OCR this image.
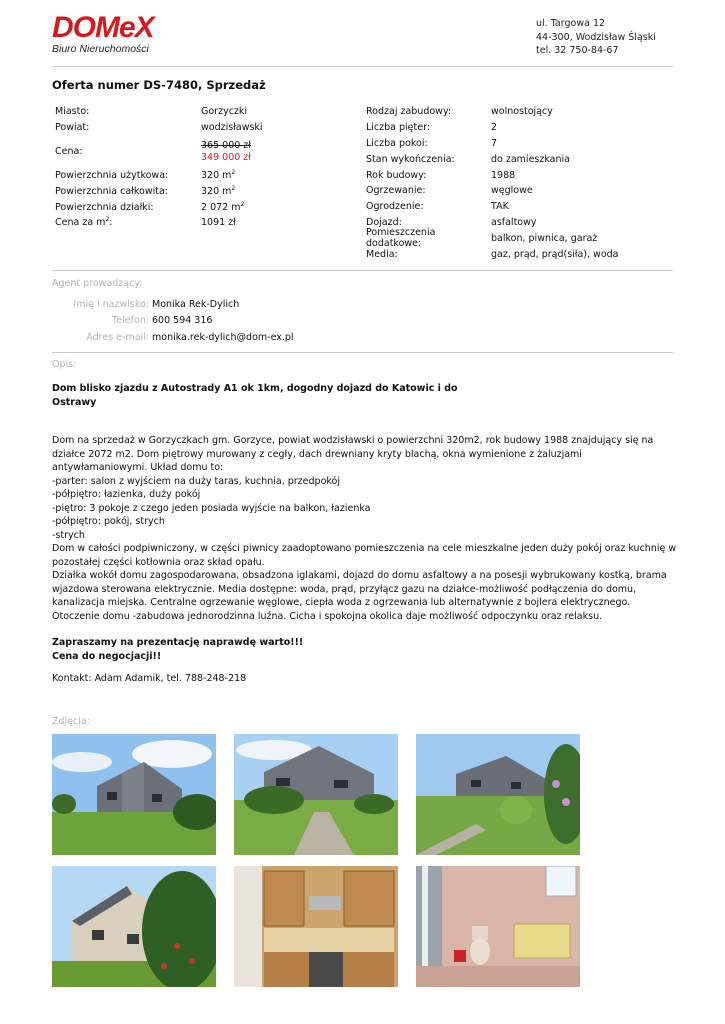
DOMeX
Biuro Nieruchomości
ul. Targowa 12
44-300, Wodzisław Śląski
tel. 32 750-84-67
Oferta numer DS-7480, Sprzedaż
Miasto:	Gorzyczki
Powiat:	wodzisławski
Cena:
365 000 zł
349 000 zł
Powierzchnia użytkowa:	320 $m^2$
Powierzchnia całkowita:	320 $m^2$
Powierzchnia działki:	2 072 $m^2$
Cena za $m^2$:	1091 zł
Rodzaj zabudowy:	wolnostojący
Liczba pięter:	2
Liczba pokoi:	7
Stan wykończenia:	do zamieszkania
Rok budowy:	1988
Ogrzewanie:	węglowe
Ogrodzenie:	TAK
Dojazd:	asfaltowy
Pomieszczenia dodatkowe:
balkon, piwnica, garaż
Media:	gaz, prąd, prąd(siła), woda
Agent prowadzący:
Imię i nazwisko: Monika Rek-Dylich
Telefon: 600 594 316
Adres e-mail: monika.rek-dylich@dom-ex.pl
Opis:
Dom blisko zjazdu z Autostrady A1 ok 1km, dogodny dojazd do Katowic i do Ostrawy

Dom na sprzedaż w Gorzyczkach gm. Gorzyce, powiat wodzisławski o powierzchni 320m2, rok budowy 1988 znajdujący się na działce 2072 m2. Dom piętrowy murowany z cegły, dach drewniany kryty blachą, okna wymienione z żaluzjami antywłamaniowymi. Układ domu to:

-parter: salon z wyjściem na duży taras, kuchnia, przedpokój

-półpiętro: łazienka, duży pokój

-piętro: 3 pokoje z czego jeden posiada wyjście na balkon, łazienka

-półpiętro: pokój, strych

-strych

Dom w całości podpiwniczony, w części piwnicy zaadoptowano pomieszczenia na cele mieszkalne jeden duży pokój oraz kuchnię w pozostałej części kotłownia oraz skład opału.

Działka wokół domu zagospodarowana, obsadzona iglakami, dojazd do domu asfaltowy a na posesji wybrukowany kostką, brama wjazdowa sterowana elektrycznie. Media dostępne: woda, prąd, przyłącz gazu na działce-możliwość podłączenia do domu, kanalizacja miejska. Centralne ogrzewanie węglowe, ciepła woda z ogrzewania lub alternatywnie z bojlera elektrycznego.

Otoczenie domu -zabudowa jednorodzinna luźna. Cicha i spokojna okolica daje możliwość odpoczynku oraz relaksu.

Zapraszamy na prezentację naprawdę warto!!!
Cena do negocjacji!!
Kontakt: Adam Adamik, tel. 788-248-218
Zdjęcia:
